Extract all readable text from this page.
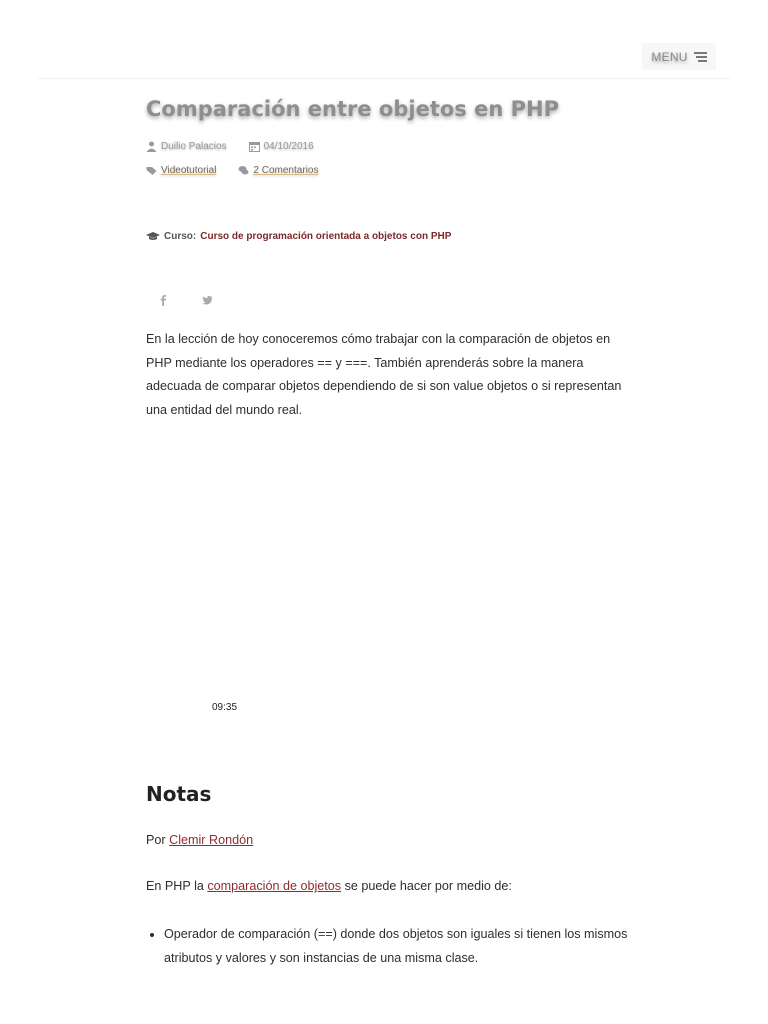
MENU
Comparación entre objetos en PHP
Duilio Palacios	04/10/2016
Videotutorial	2 Comentarios
Curso: Curso de programación orientada a objetos con PHP

En la lección de hoy conoceremos cómo trabajar con la comparación de objetos en PHP mediante los operadores == y ===. También aprenderás sobre la manera adecuada de comparar objetos dependiendo de si son value objetos o si representan una entidad del mundo real.

09:35
Notas

Por Clemir Rondón

En PHP la comparación de objetos se puede hacer por medio de:

• Operador de comparación (==) donde dos objetos son iguales si tienen los mismos atributos y valores y son instancias de una misma clase.
